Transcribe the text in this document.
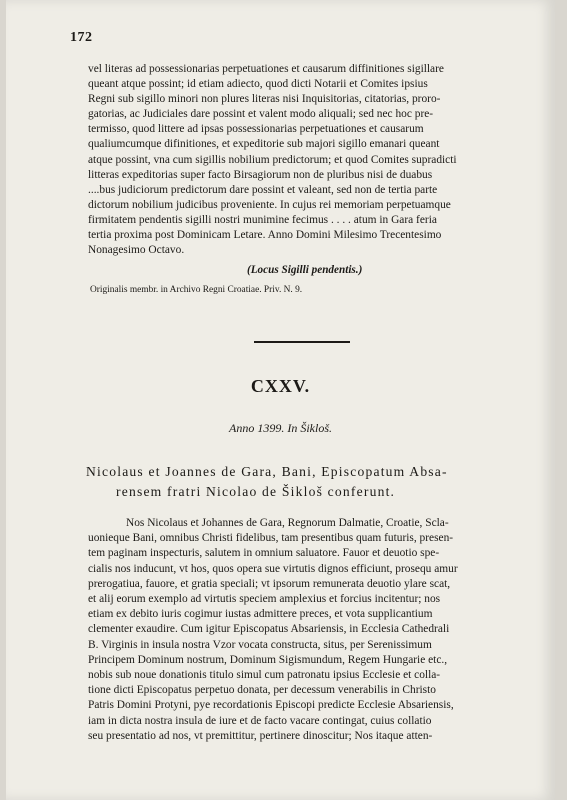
172
vel literas ad possessionarias perpetuationes et causarum diffinitiones sigillare
queant atque possint; id etiam adiecto, quod dicti Notarii et Comites ipsius
Regni sub sigillo minori non plures literas nisi Inquisitorias, citatorias, proro-
gatorias, ac Judiciales dare possint et valent modo aliquali; sed nec hoc pre-
termisso, quod littere ad ipsas possessionarias perpetuationes et causarum
qualiumcumque difinitiones, et expeditorie sub majori sigillo emanari queant
atque possint, vna cum sigillis nobilium predictorum; et quod Comites supradicti
litteras expeditorias super facto Birsagiorum non de pluribus nisi de duabus
....bus judiciorum predictorum dare possint et valeant, sed non de tertia parte
dictorum nobilium judicibus proveniente. In cujus rei memoriam perpetuamque
firmitatem pendentis sigilli nostri munimine fecimus . . . . atum in Gara feria
tertia proxima post Dominicam Letare. Anno Domini Milesimo Trecentesimo
Nonagesimo Octavo.
(Locus Sigilli pendentis.)
Originalis membr. in Archivo Regni Croatiae. Priv. N. 9.
CXXV.
Anno 1399. In Šikloš.
Nicolaus et Joannes de Gara, Bani, Episcopatum Absa-
rensem fratri Nicolao de Šikloš conferunt.
Nos Nicolaus et Johannes de Gara, Regnorum Dalmatie, Croatie, Scla-
uonieque Bani, omnibus Christi fidelibus, tam presentibus quam futuris, presen-
tem paginam inspecturis, salutem in omnium saluatore. Fauor et deuotio spe-
cialis nos inducunt, vt hos, quos opera sue virtutis dignos efficiunt, prosequ amur
prerogatiua, fauore, et gratia speciali; vt ipsorum remunerata deuotio ylare scat,
et alij eorum exemplo ad virtutis speciem amplexius et forcius incitentur; nos
etiam ex debito iuris cogimur iustas admittere preces, et vota supplicantium
clementer exaudire. Cum igitur Episcopatus Absariensis, in Ecclesia Cathedrali
B. Virginis in insula nostra Vzor vocata constructa, situs, per Serenissimum
Principem Dominum nostrum, Dominum Sigismundum, Regem Hungarie etc.,
nobis sub noue donationis titulo simul cum patronatu ipsius Ecclesie et colla-
tione dicti Episcopatus perpetuo donata, per decessum venerabilis in Christo
Patris Domini Protyni, pye recordationis Episcopi predicte Ecclesie Absariensis,
iam in dicta nostra insula de iure et de facto vacare contingat, cuius collatio
seu presentatio ad nos, vt premittitur, pertinere dinoscitur; Nos itaque atten-
